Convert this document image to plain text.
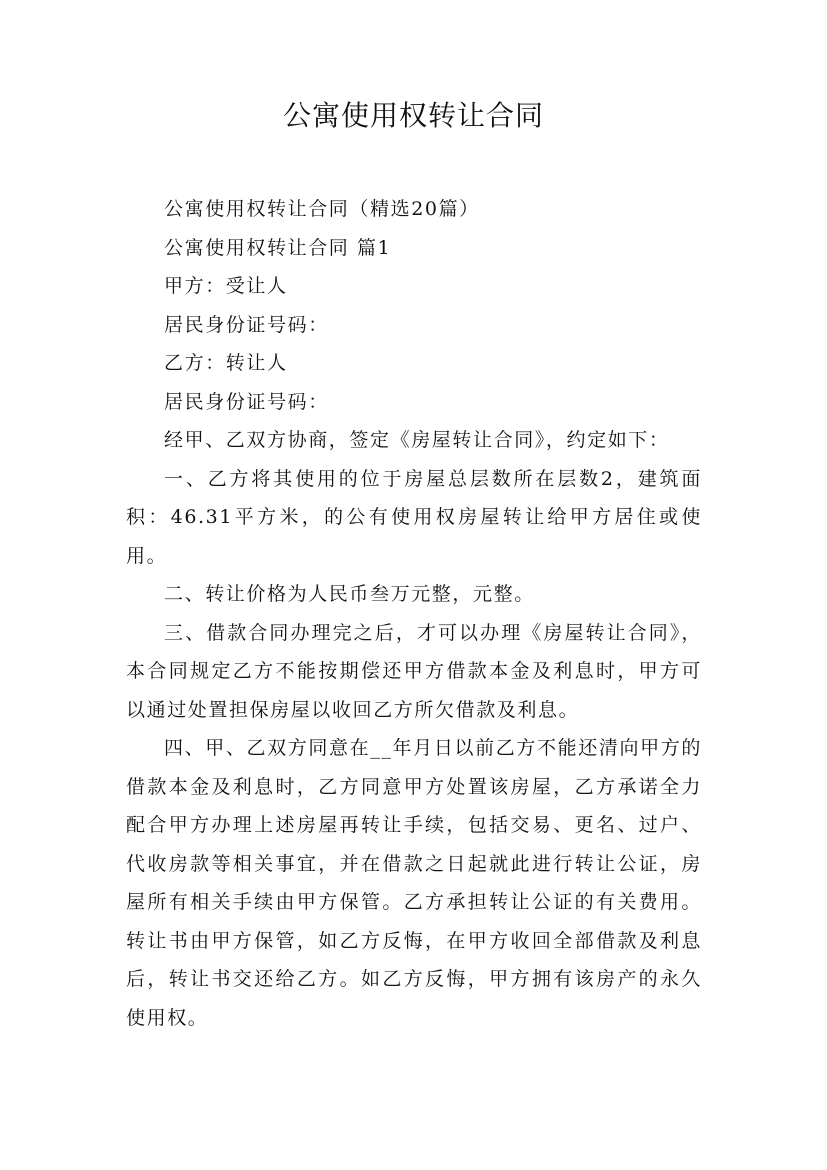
公寓使用权转让合同

公寓使用权转让合同（精选20篇）

公寓使用权转让合同 篇1

甲方：受让人

居民身份证号码：

乙方：转让人

居民身份证号码：

经甲、乙双方协商，签定《房屋转让合同》，约定如下：

一、乙方将其使用的位于房屋总层数所在层数2，建筑面积：46.31平方米，的公有使用权房屋转让给甲方居住或使用。

二、转让价格为人民币叁万元整，元整。

三、借款合同办理完之后，才可以办理《房屋转让合同》，本合同规定乙方不能按期偿还甲方借款本金及利息时，甲方可以通过处置担保房屋以收回乙方所欠借款及利息。

四、甲、乙双方同意在__年月日以前乙方不能还清向甲方的借款本金及利息时，乙方同意甲方处置该房屋，乙方承诺全力配合甲方办理上述房屋再转让手续，包括交易、更名、过户、代收房款等相关事宜，并在借款之日起就此进行转让公证，房屋所有相关手续由甲方保管。乙方承担转让公证的有关费用。转让书由甲方保管，如乙方反悔，在甲方收回全部借款及利息后，转让书交还给乙方。如乙方反悔，甲方拥有该房产的永久使用权。
